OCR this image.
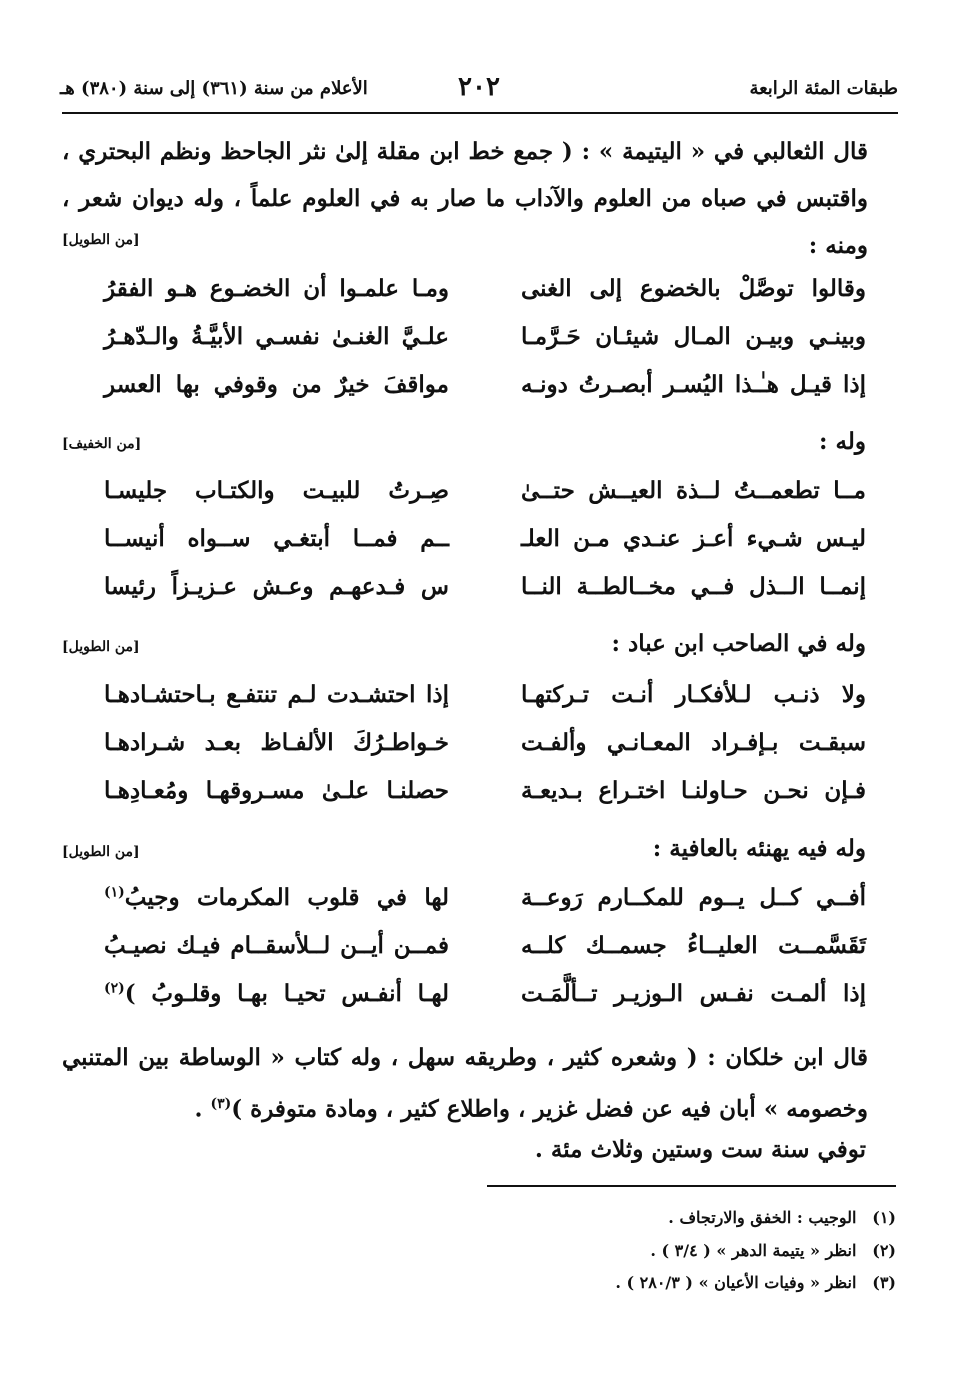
طبقات المئة الرابعة
٢٠٢
الأعلام من سنة (٣٦١) إلى سنة (٣٨٠) هـ
قال الثعالبي في « اليتيمة » : ( جمع خط ابن مقلة إلىٰ نثر الجاحظ ونظم البحتري ، واقتبس في صباه من العلوم والآداب ما صار به في العلوم علماً ، وله ديوان شعر ، ومنه :
[من الطويل]
وقالوا توصَّلْ بالخضوع إلى الغنى
ومـا علمـوا أن الخضـوع هـو الفقرُ
وبينـي وبيـن المـال شيئـان حَـرَّمـا
علـيَّ الغنـىٰ نفسـي الأبيَّـةُ والـدّهـرُ
إذا قيـل هـٰـذا اليُسـر أبصـرتُ دونـه
مواقفَ خيرٌ من وقوفي بها العسر
وله :
[من الخفيف]
مــا تطعمــتُ لــذة العيــش حتــىٰ
صِـرتُ للبيـت والكتـاب جليسـا
ليـس شـيء أعـز عنـدي مـن العلـ
ــم فمــا أبتغـي ســواه أنيســا
إنمــا الــذل فــي مخــالطــة النــا
س فـدعهـم وعـش عـزيـزاً رئيسا
وله في الصاحب ابن عباد :
[من الطويل]
ولا ذنـب لـلأفكـار أنـت تـركتهـا
إذا احتشـدت لـم تنتفـع بـاحتشـادهـا
سبقـت بـإفـراد المعـانـي وألفـت
خـواطـرُكَ الألفـاظ بعـد شـرادهـا
فـإن نحـن حـاولنـا اختـراع بـديعـة
حصلنـا علـىٰ مسـروقهـا ومُعـادِهـا
وله فيه يهنئه بالعافية :
[من الطويل]
أفــي كــل يــوم للمكــارم رَوعــة
لها في قلوب المكرمات وجيبُ$^{(١)}$
تَقَسَّمــت العليــاءُ جسمــك كلــه
فمــن أيــن لــلأسقــام فيـك نصيـبُ
إذا ألمـت نفـس الـوزيـر تــألَّمَـت
لهـا أنفـس تحيـا بهـا وقلـوبُ )$^{(٢)}$
قال ابن خلكان : ( وشعره كثير ، وطريقه سهل ، وله كتاب « الوساطة بين المتنبي وخصومه » أبان فيه عن فضل غزير ، واطلاع كثير ، ومادة متوفرة )$^{(٣)}$ .
توفي سنة ست وستين وثلاث مئة .
(١) الوجيب : الخفق والارتجاف .
(٢) انظر « يتيمة الدهر » ( ٣/٤ ) .
(٣) انظر « وفيات الأعيان » ( ٢٨٠/٣ ) .
